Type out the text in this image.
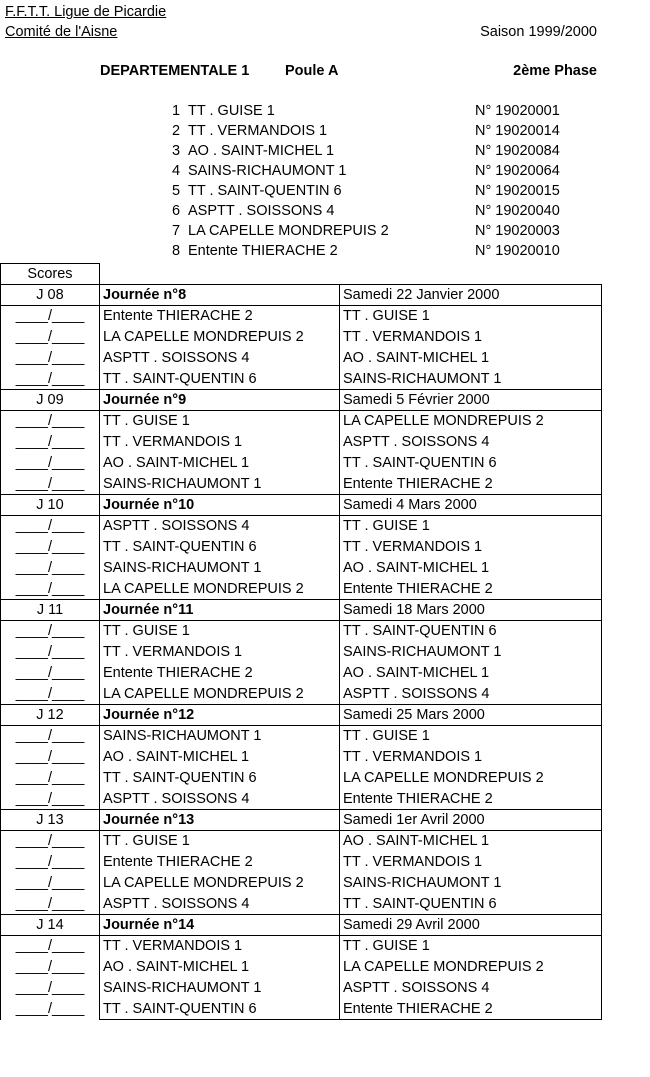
F.F.T.T. Ligue de Picardie
Comité de l'Aisne	Saison 1999/2000
DEPARTEMENTALE 1 Poule A	2ème Phase
1 TT . GUISE 1	N° 19020001
2 TT . VERMANDOIS 1	N° 19020014
3 AO . SAINT-MICHEL 1	N° 19020084
4 SAINS-RICHAUMONT 1	N° 19020064
5 TT . SAINT-QUENTIN 6	N° 19020015
6 ASPTT . SOISSONS 4	N° 19020040
7 LA CAPELLE MONDREPUIS 2	N° 19020003
8 Entente THIERACHE 2	N° 19020010
Scores
J 08	Journée n°8	Samedi 22 Janvier 2000
____/____	Entente THIERACHE 2	TT . GUISE 1
____/____	LA CAPELLE MONDREPUIS 2	TT . VERMANDOIS 1
____/____	ASPTT . SOISSONS 4	AO . SAINT-MICHEL 1
____/____	TT . SAINT-QUENTIN 6	SAINS-RICHAUMONT 1
J 09	Journée n°9	Samedi 5 Février 2000
____/____	TT . GUISE 1	LA CAPELLE MONDREPUIS 2
____/____	TT . VERMANDOIS 1	ASPTT . SOISSONS 4
____/____	AO . SAINT-MICHEL 1	TT . SAINT-QUENTIN 6
____/____	SAINS-RICHAUMONT 1	Entente THIERACHE 2
J 10	Journée n°10	Samedi 4 Mars 2000
____/____	ASPTT . SOISSONS 4	TT . GUISE 1
____/____	TT . SAINT-QUENTIN 6	TT . VERMANDOIS 1
____/____	SAINS-RICHAUMONT 1	AO . SAINT-MICHEL 1
____/____	LA CAPELLE MONDREPUIS 2	Entente THIERACHE 2
J 11	Journée n°11	Samedi 18 Mars 2000
____/____	TT . GUISE 1	TT . SAINT-QUENTIN 6
____/____	TT . VERMANDOIS 1	SAINS-RICHAUMONT 1
____/____	Entente THIERACHE 2	AO . SAINT-MICHEL 1
____/____	LA CAPELLE MONDREPUIS 2	ASPTT . SOISSONS 4
J 12	Journée n°12	Samedi 25 Mars 2000
____/____	SAINS-RICHAUMONT 1	TT . GUISE 1
____/____	AO . SAINT-MICHEL 1	TT . VERMANDOIS 1
____/____	TT . SAINT-QUENTIN 6	LA CAPELLE MONDREPUIS 2
____/____	ASPTT . SOISSONS 4	Entente THIERACHE 2
J 13	Journée n°13	Samedi 1er Avril 2000
____/____	TT . GUISE 1	AO . SAINT-MICHEL 1
____/____	Entente THIERACHE 2	TT . VERMANDOIS 1
____/____	LA CAPELLE MONDREPUIS 2	SAINS-RICHAUMONT 1
____/____	ASPTT . SOISSONS 4	TT . SAINT-QUENTIN 6
J 14	Journée n°14	Samedi 29 Avril 2000
____/____	TT . VERMANDOIS 1	TT . GUISE 1
____/____	AO . SAINT-MICHEL 1	LA CAPELLE MONDREPUIS 2
____/____	SAINS-RICHAUMONT 1	ASPTT . SOISSONS 4
____/____	TT . SAINT-QUENTIN 6	Entente THIERACHE 2
